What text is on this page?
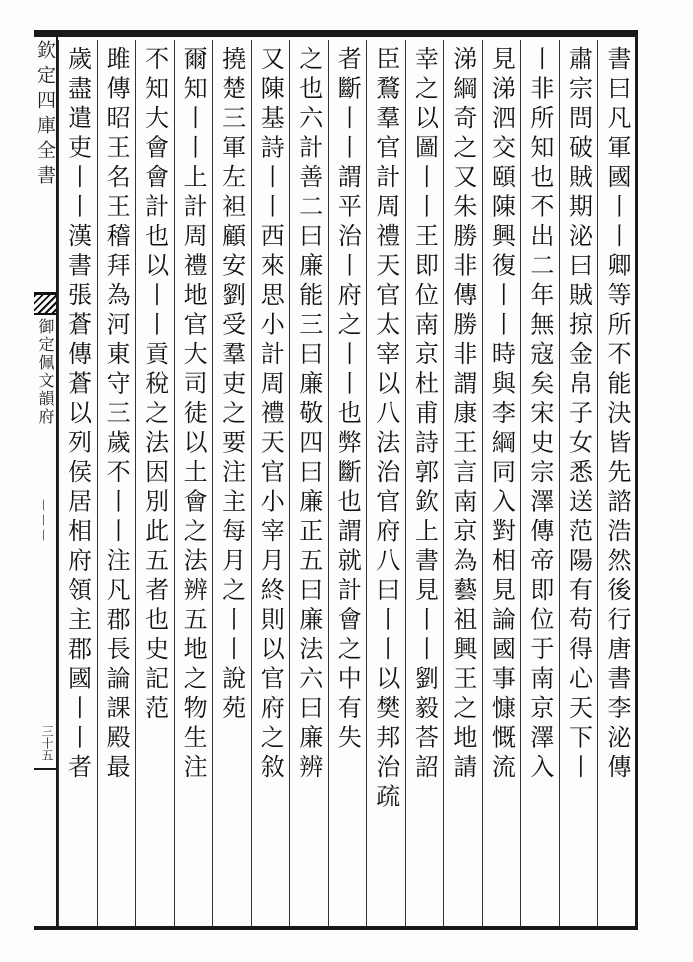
欽定四庫全書
御定佩文韻府
－－－
三十五	書曰凡軍國丨丨卿等所不能決皆先諮浩然後行唐書李泌傳
肅宗問破賊期泌曰賊掠金帛子女悉送范陽有苟得心天下丨
丨非所知也不出二年無寇矣宋史宗澤傳帝即位于南京澤入
見涕泗交頤陳興復丨丨時與李綱同入對相見論國事慷慨流
涕綱奇之又朱勝非傳勝非謂康王言南京為藝祖興王之地請
幸之以圖丨丨王即位南京杜甫詩郭欽上書見丨丨劉毅荅詔
臣鶩羣官計周禮天官太宰以八法治官府八曰丨丨以樊邦治疏
者斷丨丨謂平治丨府之丨丨也弊斷也謂就計會之中有失
之也六計善二曰廉能三曰廉敬四曰廉正五曰廉法六曰廉辨
又陳基詩丨丨西來思小計周禮天官小宰月終則以官府之敘
撓楚三軍左袒顧安劉受羣吏之要注主每月之丨丨說苑
爾知丨丨上計周禮地官大司徒以土會之法辨五地之物生注
不知大會會計也以丨丨貢稅之法因別此五者也史記范
雎傳昭王名王稽拜為河東守三歲不丨丨注凡郡長論課殿最
歲盡遣吏丨丨漢書張蒼傳蒼以列侯居相府領主郡國丨丨者
